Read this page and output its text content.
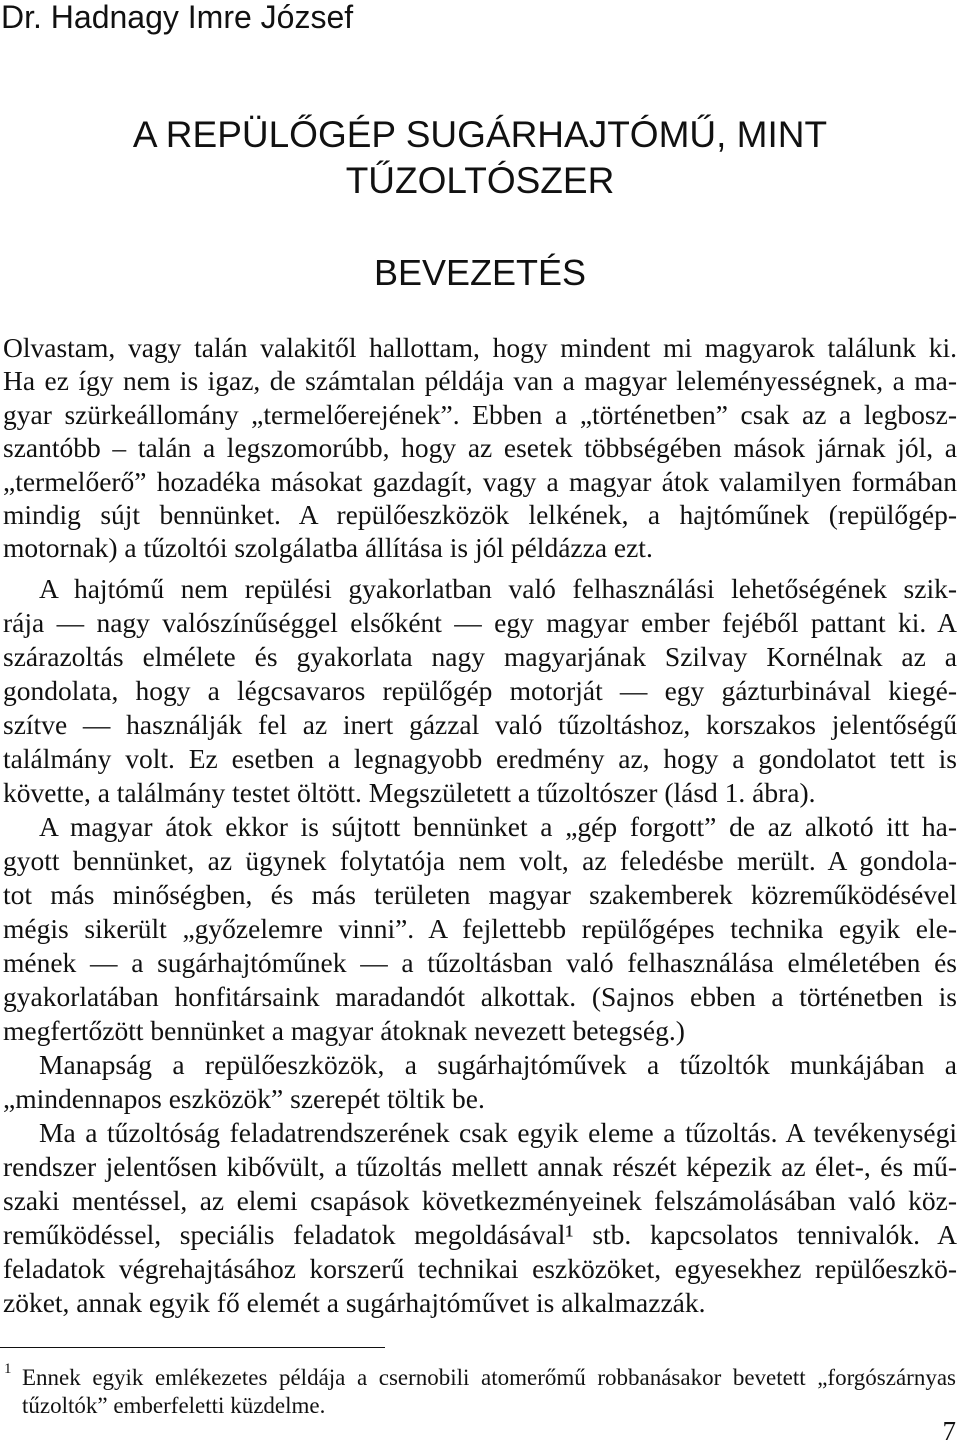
Dr. Hadnagy Imre József
A REPÜLŐGÉP SUGÁRHAJTÓMŰ, MINT
TŰZOLTÓSZER
BEVEZETÉS
Olvastam, vagy talán valakitől hallottam, hogy mindent mi magyarok találunk ki.
Ha ez így nem is igaz, de számtalan példája van a magyar leleményességnek, a ma-
gyar szürkeállomány „termelőerejének”. Ebben a „történetben” csak az a legbosz-
szantóbb – talán a legszomorúbb, hogy az esetek többségében mások járnak jól, a
„termelőerő” hozadéka másokat gazdagít, vagy a magyar átok valamilyen formában
mindig sújt bennünket. A repülőeszközök lelkének, a hajtóműnek (repülőgép-
motornak) a tűzoltói szolgálatba állítása is jól példázza ezt.
A hajtómű nem repülési gyakorlatban való felhasználási lehetőségének szik-
rája — nagy valószínűséggel elsőként — egy magyar ember fejéből pattant ki. A
szárazoltás elmélete és gyakorlata nagy magyarjának Szilvay Kornélnak az a
gondolata, hogy a légcsavaros repülőgép motorját — egy gázturbinával kiegé-
szítve — használják fel az inert gázzal való tűzoltáshoz, korszakos jelentőségű
találmány volt. Ez esetben a legnagyobb eredmény az, hogy a gondolatot tett is
követte, a találmány testet öltött. Megszületett a tűzoltószer (lásd 1. ábra).
A magyar átok ekkor is sújtott bennünket a „gép forgott” de az alkotó itt ha-
gyott bennünket, az ügynek folytatója nem volt, az feledésbe merült. A gondola-
tot más minőségben, és más területen magyar szakemberek közreműködésével
mégis sikerült „győzelemre vinni”. A fejlettebb repülőgépes technika egyik ele-
mének — a sugárhajtóműnek — a tűzoltásban való felhasználása elméletében és
gyakorlatában honfitársaink maradandót alkottak. (Sajnos ebben a történetben is
megfertőzött bennünket a magyar átoknak nevezett betegség.)
Manapság a repülőeszközök, a sugárhajtóművek a tűzoltók munkájában a
„mindennapos eszközök” szerepét töltik be.
Ma a tűzoltóság feladatrendszerének csak egyik eleme a tűzoltás. A tevékenységi
rendszer jelentősen kibővült, a tűzoltás mellett annak részét képezik az élet-, és mű-
szaki mentéssel, az elemi csapások következményeinek felszámolásában való köz-
reműködéssel, speciális feladatok megoldásával¹ stb. kapcsolatos tennivalók. A
feladatok végrehajtásához korszerű technikai eszközöket, egyesekhez repülőeszkö-
zöket, annak egyik fő elemét a sugárhajtóművet is alkalmazzák.
1 Ennek egyik emlékezetes példája a csernobili atomerőmű robbanásakor bevetett „forgószárnyas
tűzoltók” emberfeletti küzdelme.
7
